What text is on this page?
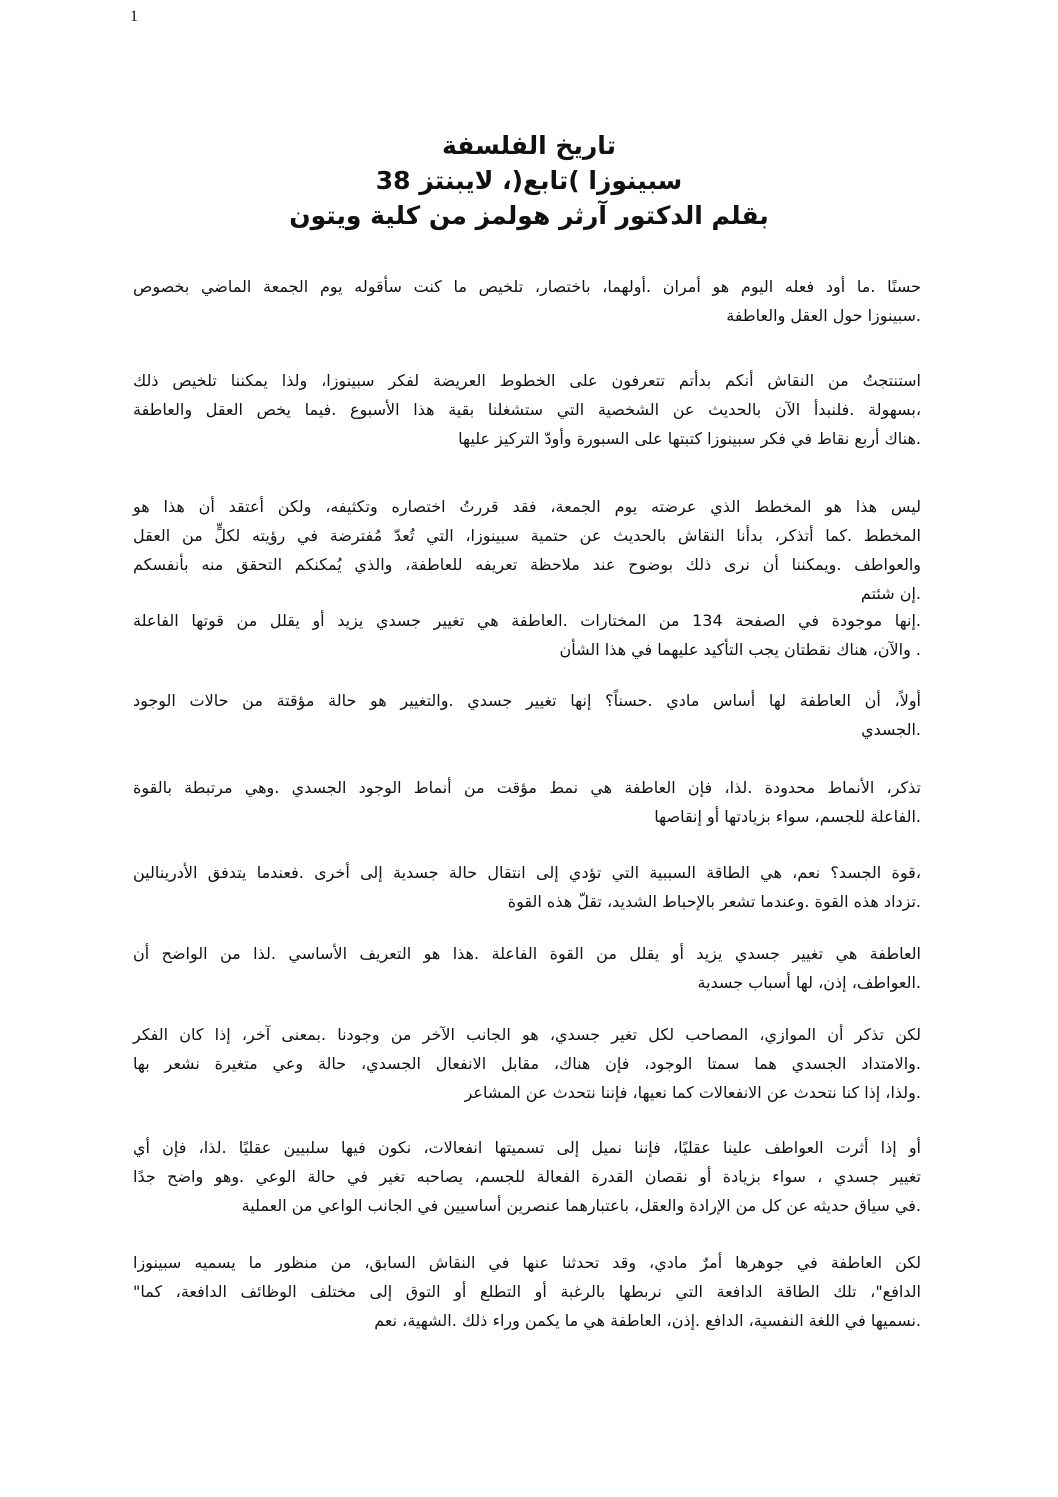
1
تاريخ الفلسفة
سبينوزا )تابع(، لايبنتز 38
بقلم الدكتور آرثر هولمز من كلية ويتون
حسنًا .ما أود فعله اليوم هو أمران .أولهما، باختصار، تلخيص ما كنت سأقوله يوم الجمعة الماضي بخصوص
.سبينوزا حول العقل والعاطفة
استنتجتُ من النقاش أنكم بدأتم تتعرفون على الخطوط العريضة لفكر سبينوزا، ولذا يمكننا تلخيص ذلك
،بسهولة .فلنبدأ الآن بالحديث عن الشخصية التي ستشغلنا بقية هذا الأسبوع .فيما يخص العقل والعاطفة
.هناك أربع نقاط في فكر سبينوزا كتبتها على السبورة وأودّ التركيز عليها
ليس هذا هو المخطط الذي عرضته يوم الجمعة، فقد قررتُ اختصاره وتكثيفه، ولكن أعتقد أن هذا هو
المخطط .كما أتذكر، بدأنا النقاش بالحديث عن حتمية سبينوزا، التي تُعدّ مُفترضة في رؤيته لكلٍّ من العقل
والعواطف .ويمكننا أن نرى ذلك بوضوح عند ملاحظة تعريفه للعاطفة، والذي يُمكنكم التحقق منه بأنفسكم
.إن شئتم
.إنها موجودة في الصفحة 134 من المختارات .العاطفة هي تغيير جسدي يزيد أو يقلل من قوتها الفاعلة
. والآن، هناك نقطتان يجب التأكيد عليهما في هذا الشأن
أولاً، أن العاطفة لها أساس مادي .حسناً؟ إنها تغيير جسدي .والتغيير هو حالة مؤقتة من حالات الوجود
.الجسدي
تذكر، الأنماط محدودة .لذا، فإن العاطفة هي نمط مؤقت من أنماط الوجود الجسدي .وهي مرتبطة بالقوة
.الفاعلة للجسم، سواء بزيادتها أو إنقاصها
،قوة الجسد؟ نعم، هي الطاقة السببية التي تؤدي إلى انتقال حالة جسدية إلى أخرى .فعندما يتدفق الأدرينالين
.تزداد هذه القوة .وعندما تشعر بالإحباط الشديد، تقلّ هذه القوة
العاطفة هي تغيير جسدي يزيد أو يقلل من القوة الفاعلة .هذا هو التعريف الأساسي .لذا من الواضح أن
.العواطف، إذن، لها أسباب جسدية
لكن تذكر أن الموازي، المصاحب لكل تغير جسدي، هو الجانب الآخر من وجودنا .بمعنى آخر، إذا كان الفكر
.والامتداد الجسدي هما سمتا الوجود، فإن هناك، مقابل الانفعال الجسدي، حالة وعي متغيرة نشعر بها
.ولذا، إذا كنا نتحدث عن الانفعالات كما نعيها، فإننا نتحدث عن المشاعر
أو إذا أثرت العواطف علينا عقليًا، فإننا نميل إلى تسميتها انفعالات، نكون فيها سلبيين عقليًا .لذا، فإن أي
تغيير جسدي ، سواء بزيادة أو نقصان القدرة الفعالة للجسم، يصاحبه تغير في حالة الوعي .وهو واضح جدًا
.في سياق حديثه عن كل من الإرادة والعقل، باعتبارهما عنصرين أساسيين في الجانب الواعي من العملية
لكن العاطفة في جوهرها أمرٌ مادي، وقد تحدثنا عنها في النقاش السابق، من منظور ما يسميه سبينوزا
الدافع"، تلك الطاقة الدافعة التي نربطها بالرغبة أو التطلع أو التوق إلى مختلف الوظائف الدافعة، كما"
.نسميها في اللغة النفسية، الدافع .إذن، العاطفة هي ما يكمن وراء ذلك .الشهية، نعم
